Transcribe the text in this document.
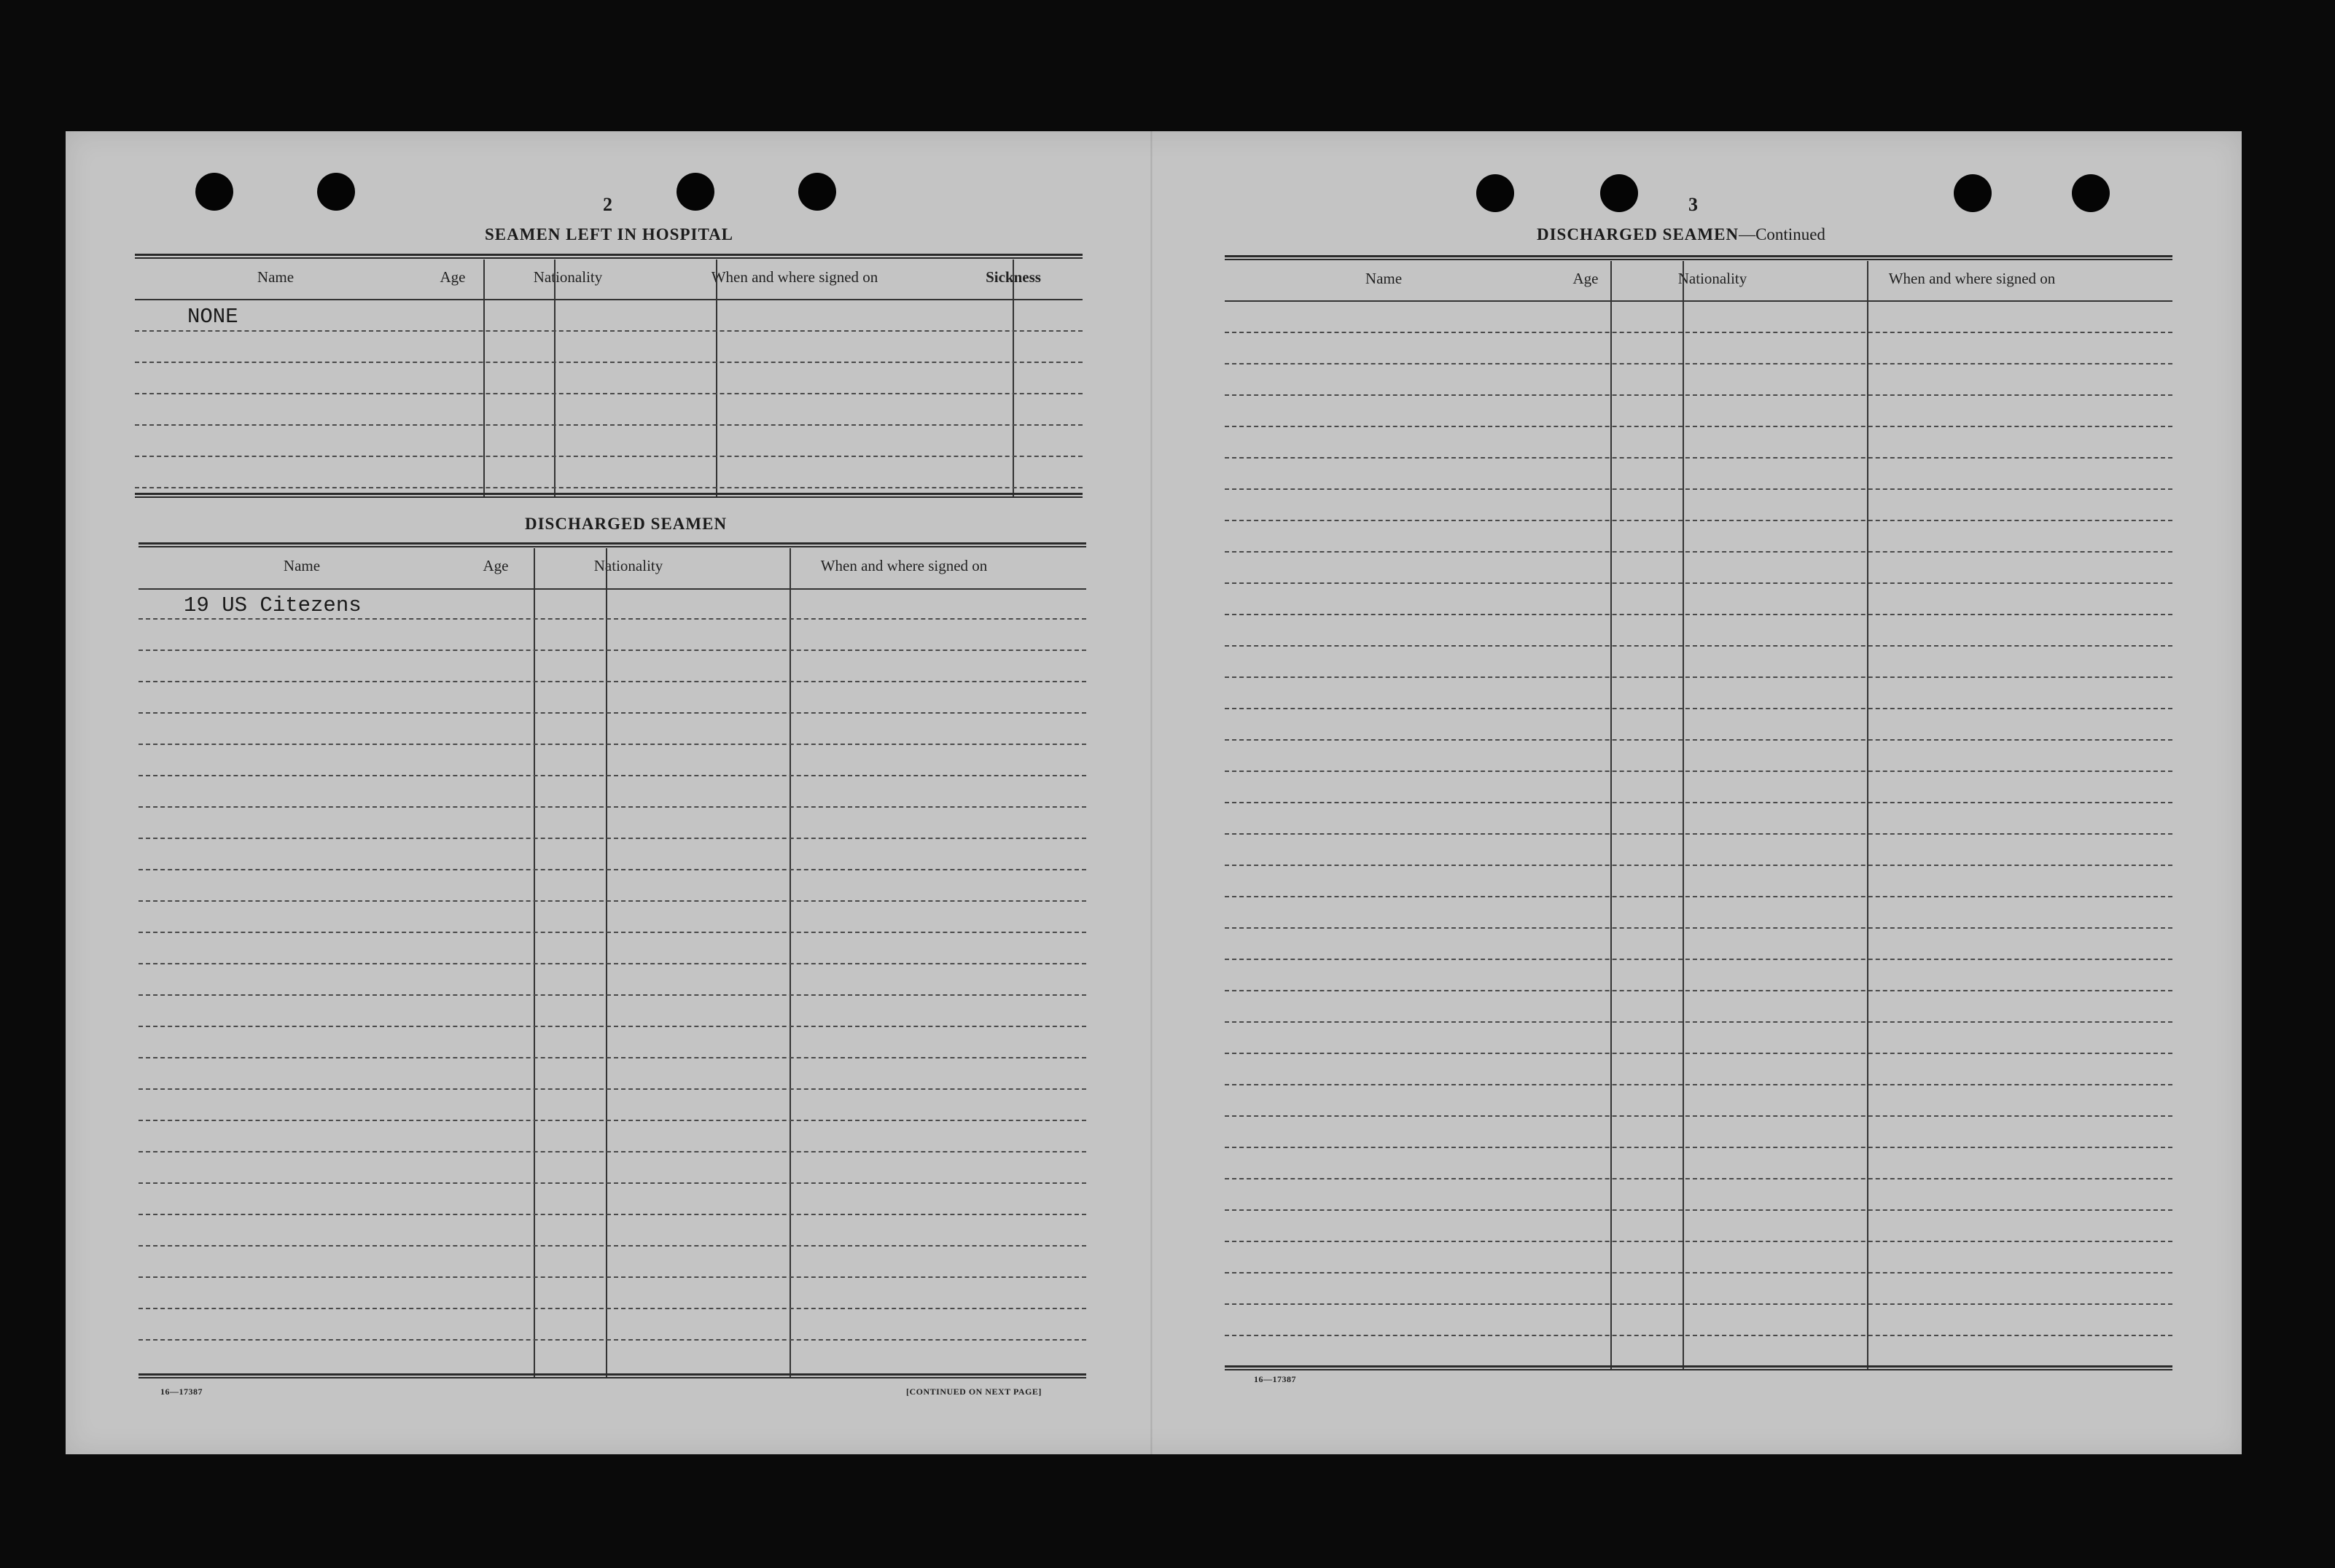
2
SEAMEN LEFT IN HOSPITAL
Name	Age	Nationality	When and where signed on	Sickness
NONE
DISCHARGED SEAMEN
Name	Age	Nationality	When and where signed on
19 US Citezens
16—17387	[CONTINUED ON NEXT PAGE]
3
DISCHARGED SEAMEN—Continued
Name	Age	Nationality	When and where signed on
16—17387
